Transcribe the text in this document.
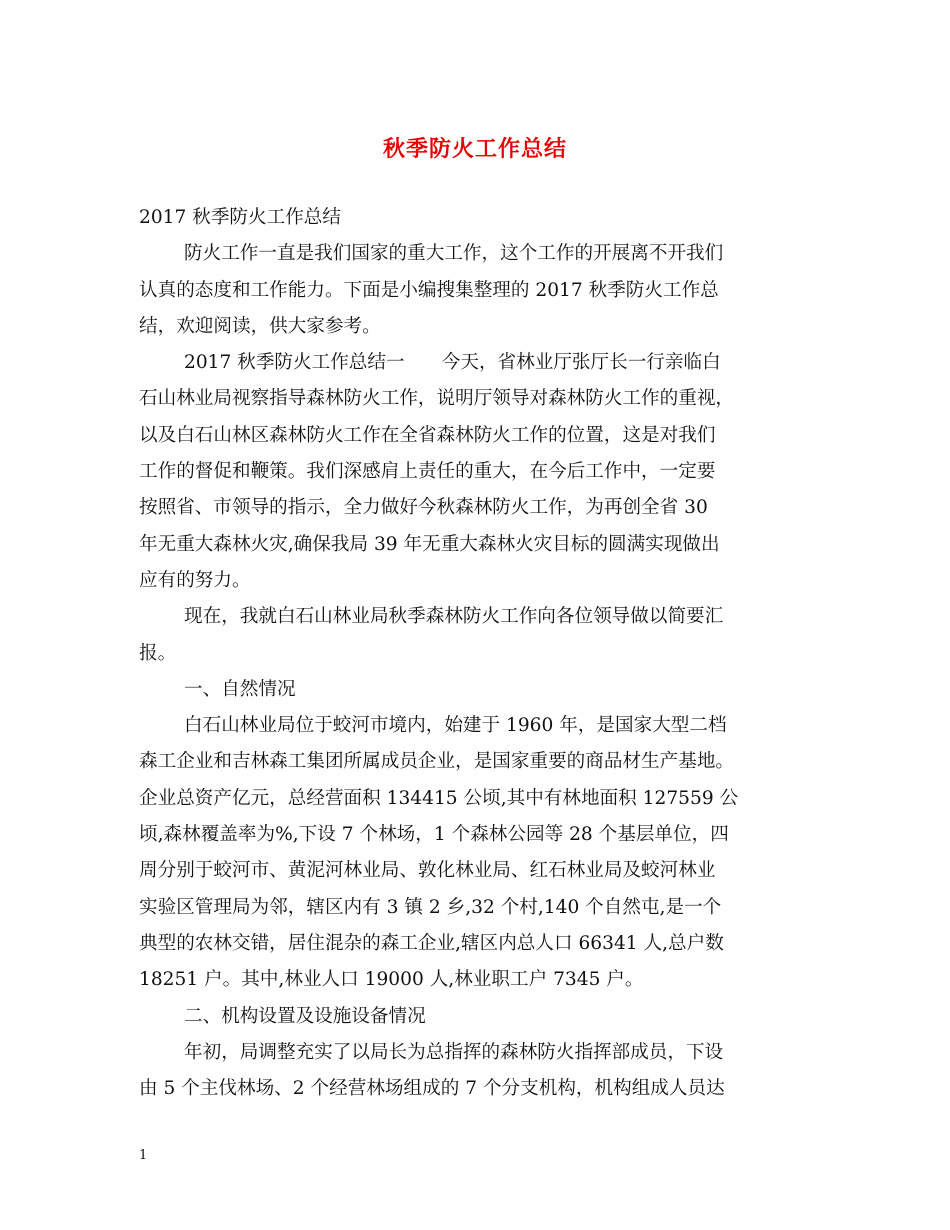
秋季防火工作总结
2017 秋季防火工作总结
防火工作一直是我们国家的重大工作，这个工作的开展离不开我们
认真的态度和工作能力。下面是小编搜集整理的 2017 秋季防火工作总
结，欢迎阅读，供大家参考。
2017 秋季防火工作总结一　　今天，省林业厅张厅长一行亲临白
石山林业局视察指导森林防火工作，说明厅领导对森林防火工作的重视，
以及白石山林区森林防火工作在全省森林防火工作的位置，这是对我们
工作的督促和鞭策。我们深感肩上责任的重大，在今后工作中，一定要
按照省、市领导的指示，全力做好今秋森林防火工作，为再创全省 30
年无重大森林火灾,确保我局 39 年无重大森林火灾目标的圆满实现做出
应有的努力。
现在，我就白石山林业局秋季森林防火工作向各位领导做以简要汇
报。
一、自然情况
白石山林业局位于蛟河市境内，始建于 1960 年，是国家大型二档
森工企业和吉林森工集团所属成员企业，是国家重要的商品材生产基地。
企业总资产亿元，总经营面积 134415 公顷,其中有林地面积 127559 公
顷,森林覆盖率为%,下设 7 个林场，1 个森林公园等 28 个基层单位，四
周分别于蛟河市、黄泥河林业局、敦化林业局、红石林业局及蛟河林业
实验区管理局为邻，辖区内有 3 镇 2 乡,32 个村,140 个自然屯,是一个
典型的农林交错，居住混杂的森工企业,辖区内总人口 66341 人,总户数
18251 户。其中,林业人口 19000 人,林业职工户 7345 户。
二、机构设置及设施设备情况
年初，局调整充实了以局长为总指挥的森林防火指挥部成员，下设
由 5 个主伐林场、2 个经营林场组成的 7 个分支机构，机构组成人员达
1
